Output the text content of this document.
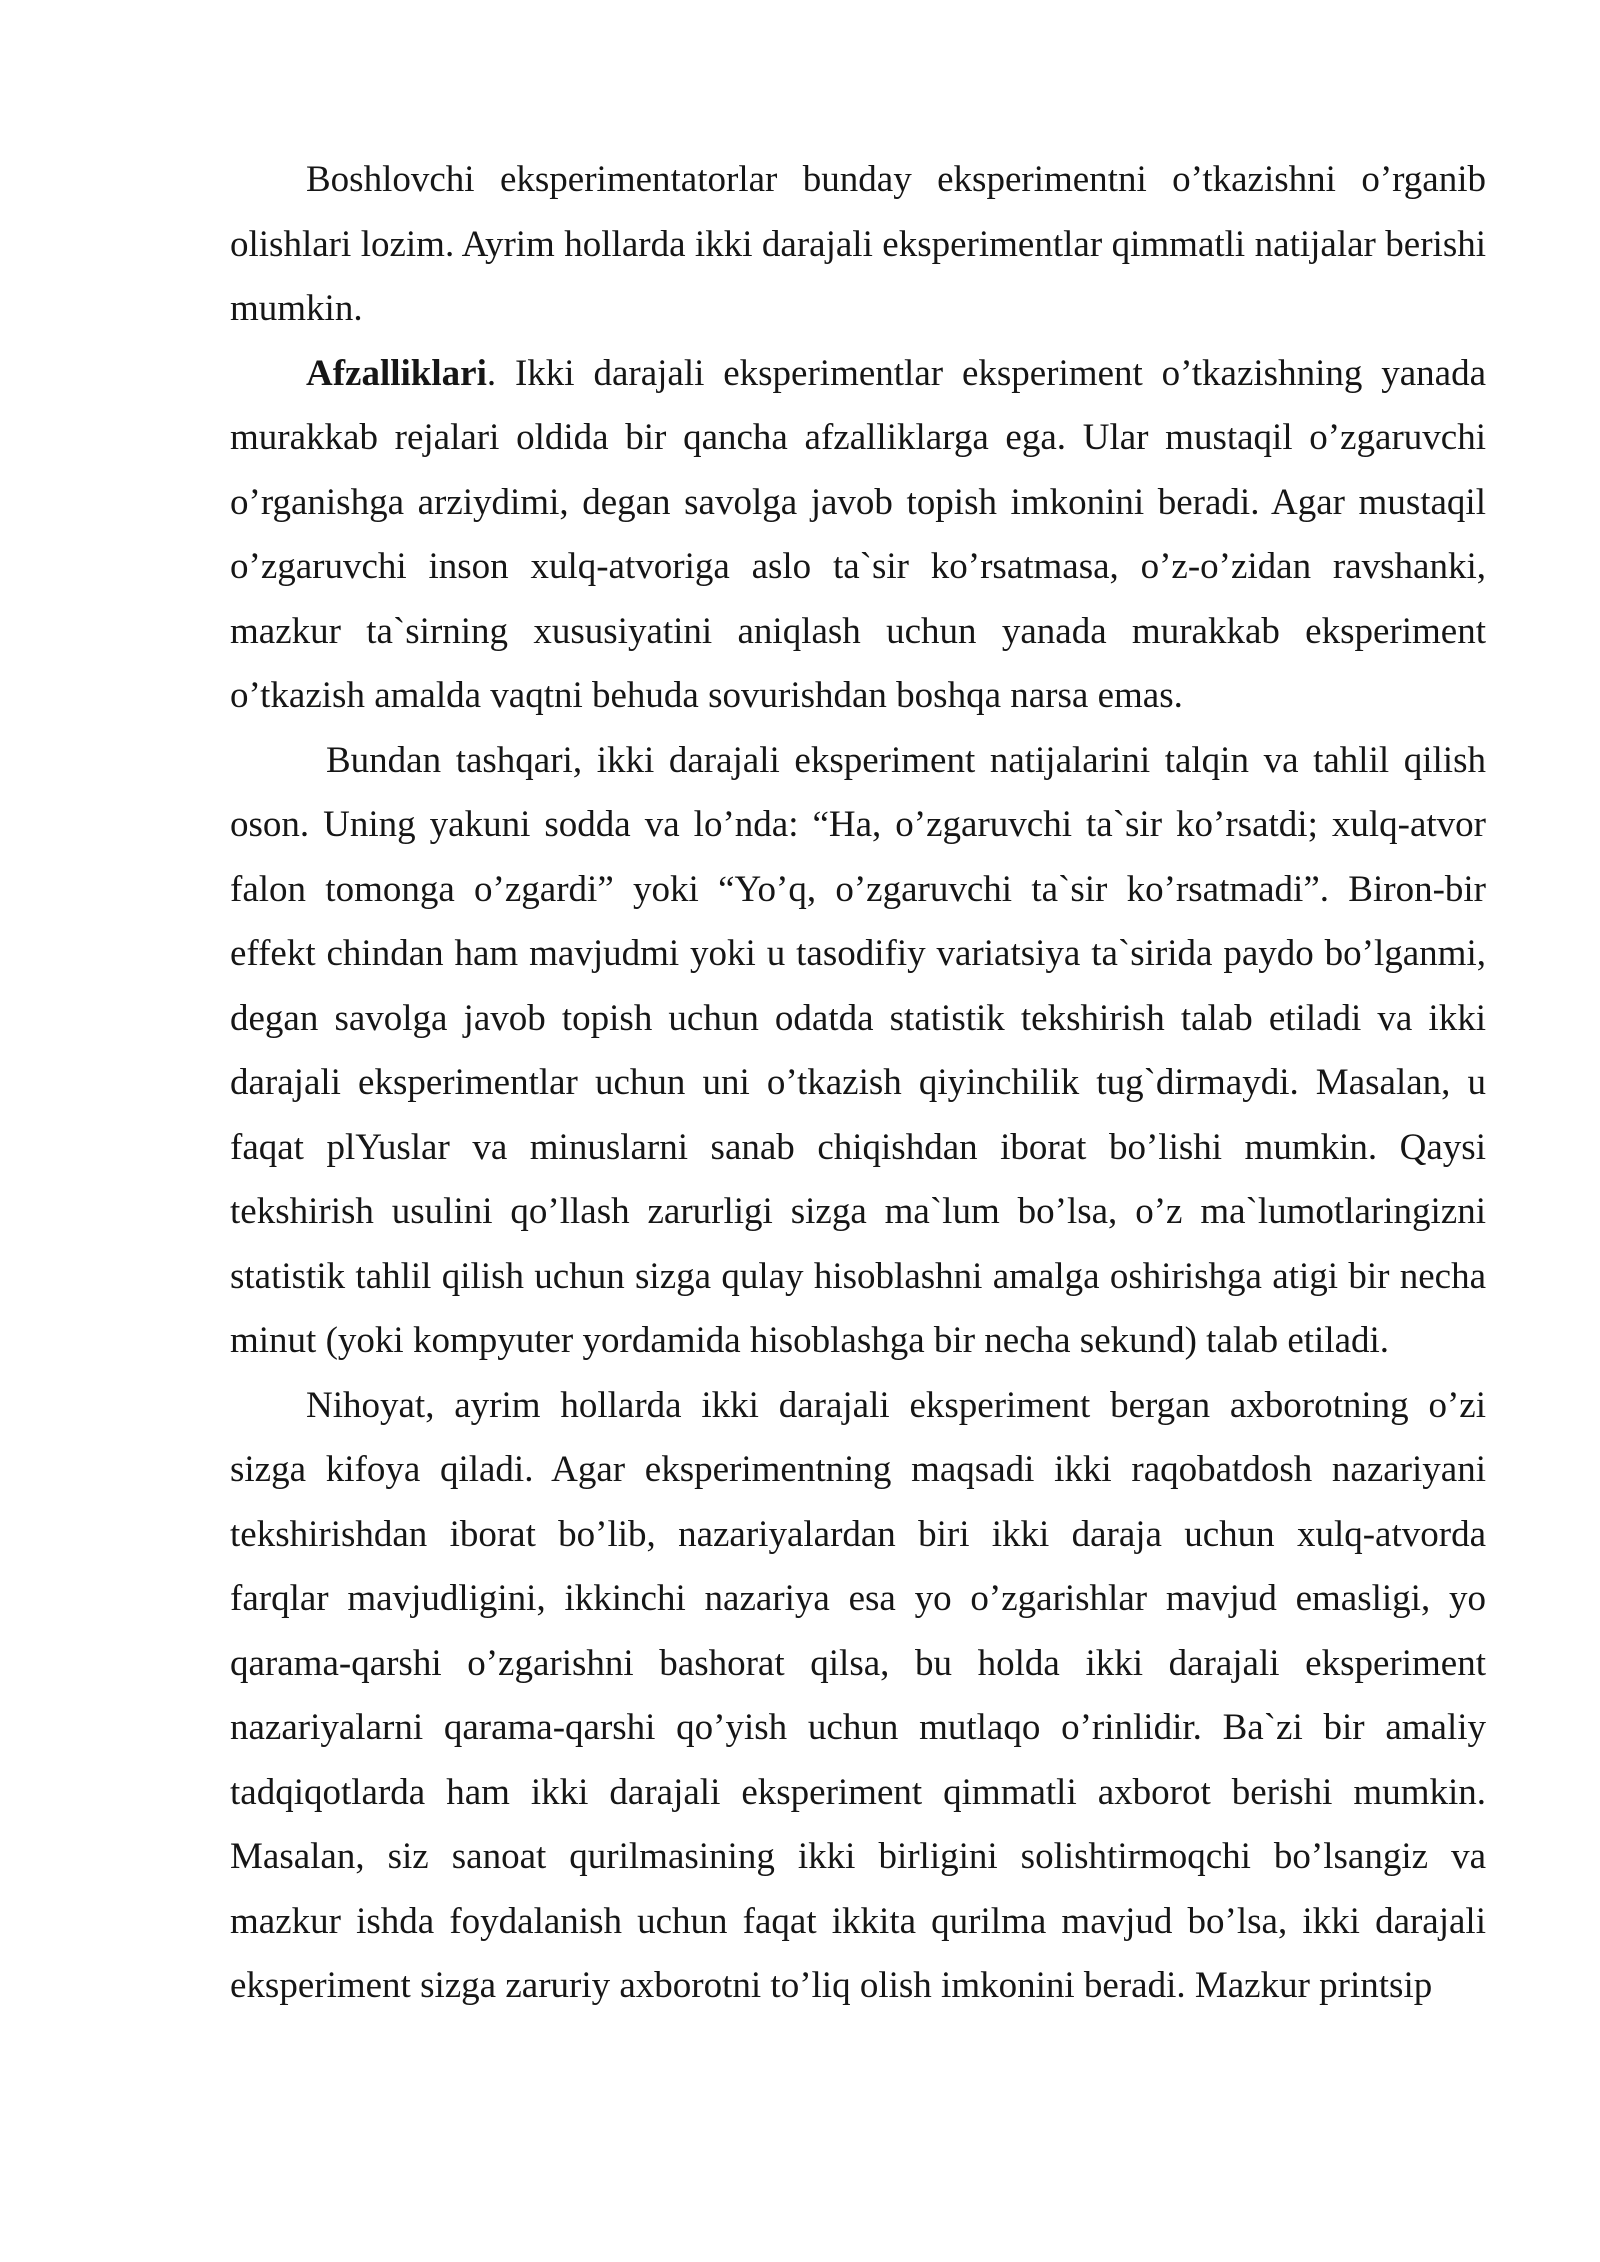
Boshlovchi eksperimentatorlar bunday eksperimentni o’tkazishni o’rganib olishlari lozim. Ayrim hollarda ikki darajali eksperimentlar qimmatli natijalar berishi mumkin.

Afzalliklari. Ikki darajali eksperimentlar eksperiment o’tkazishning yanada murakkab rejalari oldida bir qancha afzalliklarga ega. Ular mustaqil o’zgaruvchi o’rganishga arziydimi, degan savolga javob topish imkonini beradi. Agar mustaqil o’zgaruvchi inson xulq-atvoriga aslo ta`sir ko’rsatmasa, o’z-o’zidan ravshanki, mazkur ta`sirning xususiyatini aniqlash uchun yanada murakkab eksperiment o’tkazish amalda vaqtni behuda sovurishdan boshqa narsa emas.

Bundan tashqari, ikki darajali eksperiment natijalarini talqin va tahlil qilish oson. Uning yakuni sodda va lo’nda: “Ha, o’zgaruvchi ta`sir ko’rsatdi; xulq-atvor falon tomonga o’zgardi” yoki “Yo’q, o’zgaruvchi ta`sir ko’rsatmadi”. Biron-bir effekt chindan ham mavjudmi yoki u tasodifiy variatsiya ta`sirida paydo bo’lganmi, degan savolga javob topish uchun odatda statistik tekshirish talab etiladi va ikki darajali eksperimentlar uchun uni o’tkazish qiyinchilik tug`dirmaydi. Masalan, u faqat plYuslar va minuslarni sanab chiqishdan iborat bo’lishi mumkin. Qaysi tekshirish usulini qo’llash zarurligi sizga ma`lum bo’lsa, o’z ma`lumotlaringizni statistik tahlil qilish uchun sizga qulay hisoblashni amalga oshirishga atigi bir necha minut (yoki kompyuter yordamida hisoblashga bir necha sekund) talab etiladi.

Nihoyat, ayrim hollarda ikki darajali eksperiment bergan axborotning o’zi sizga kifoya qiladi. Agar eksperimentning maqsadi ikki raqobatdosh nazariyani tekshirishdan iborat bo’lib, nazariyalardan biri ikki daraja uchun xulq-atvorda farqlar mavjudligini, ikkinchi nazariya esa yo o’zgarishlar mavjud emasligi, yo qarama-qarshi o’zgarishni bashorat qilsa, bu holda ikki darajali eksperiment nazariyalarni qarama-qarshi qo’yish uchun mutlaqo o’rinlidir. Ba`zi bir amaliy tadqiqotlarda ham ikki darajali eksperiment qimmatli axborot berishi mumkin. Masalan, siz sanoat qurilmasining ikki birligini solishtirmoqchi bo’lsangiz va mazkur ishda foydalanish uchun faqat ikkita qurilma mavjud bo’lsa, ikki darajali eksperiment sizga zaruriy axborotni to’liq olish imkonini beradi. Mazkur printsip
